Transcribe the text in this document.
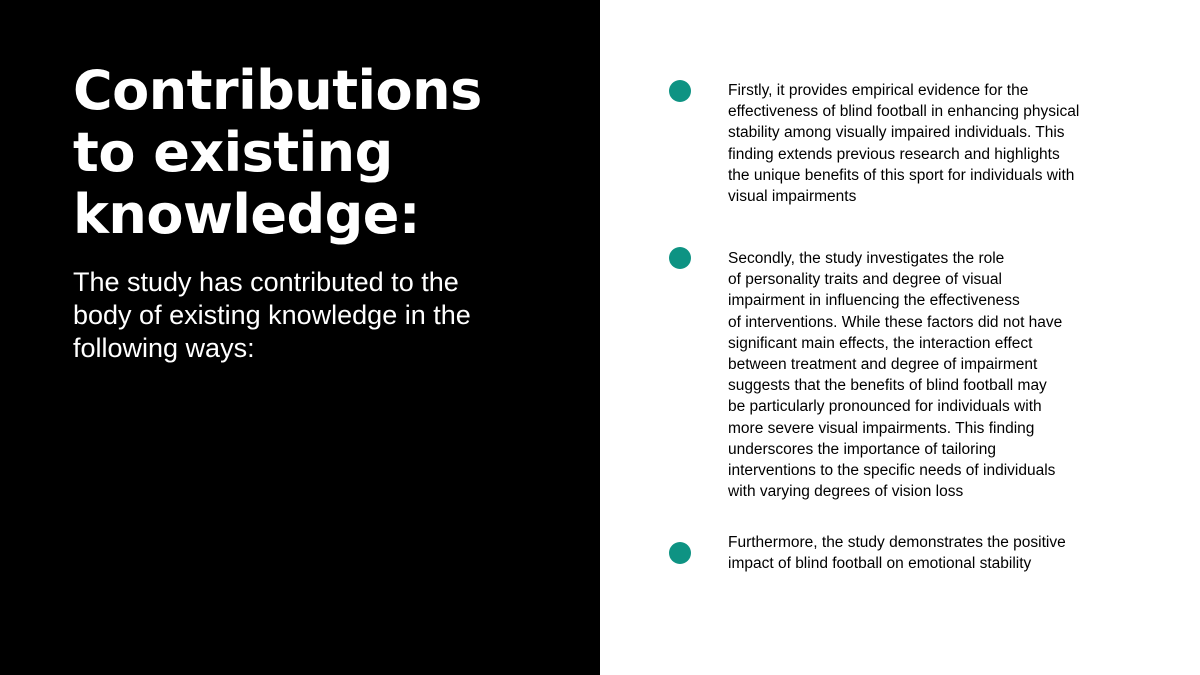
Contributions
to existing
knowledge:

The study has contributed to the
body of existing knowledge in the
following ways:

Firstly, it provides empirical evidence for the
effectiveness of blind football in enhancing physical
stability among visually impaired individuals. This
finding extends previous research and highlights
the unique benefits of this sport for individuals with
visual impairments

Secondly, the study investigates the role
of personality traits and degree of visual
impairment in influencing the effectiveness
of interventions. While these factors did not have
significant main effects, the interaction effect
between treatment and degree of impairment
suggests that the benefits of blind football may
be particularly pronounced for individuals with
more severe visual impairments. This finding
underscores the importance of tailoring
interventions to the specific needs of individuals
with varying degrees of vision loss

Furthermore, the study demonstrates the positive
impact of blind football on emotional stability
